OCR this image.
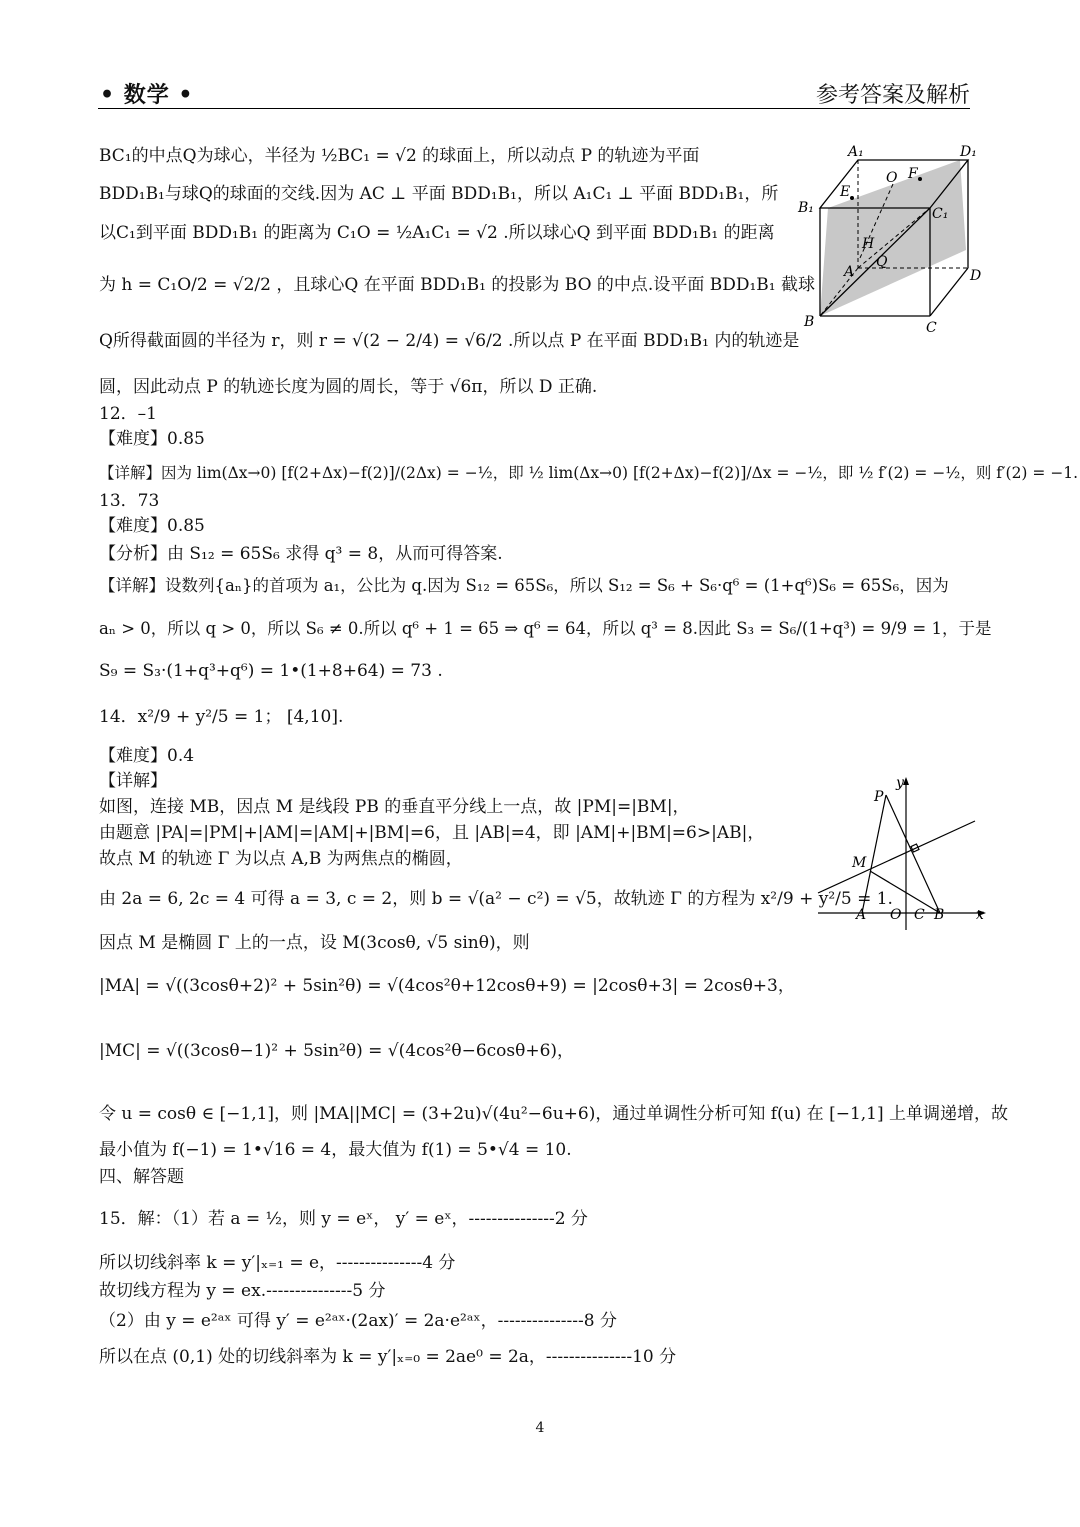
• 数学 •	参考答案及解析
BC₁的中点Q为球心，半径为 ½BC₁ = √2 的球面上，所以动点 P 的轨迹为平面
BDD₁B₁与球Q的球面的交线.因为 AC ⊥ 平面 BDD₁B₁，所以 A₁C₁ ⊥ 平面 BDD₁B₁，所
以C₁到平面 BDD₁B₁ 的距离为 C₁O = ½A₁C₁ = √2 .所以球心Q 到平面 BDD₁B₁ 的距离
为 h = C₁O/2 = √2/2 ，且球心Q 在平面 BDD₁B₁ 的投影为 BO 的中点.设平面 BDD₁B₁ 截球
Q所得截面圆的半径为 r，则 r = √(2 − 2/4) = √6/2 .所以点 P 在平面 BDD₁B₁ 内的轨迹是
圆，因此动点 P 的轨迹长度为圆的周长，等于 √6π，所以 D 正确.
12．–1
【难度】0.85
【详解】因为 lim(Δx→0) [f(2+Δx)−f(2)]/(2Δx) = −½，即 ½ lim(Δx→0) [f(2+Δx)−f(2)]/Δx = −½，即 ½ f′(2) = −½，则 f′(2) = −1.
13．73
【难度】0.85
【分析】由 S₁₂ = 65S₆ 求得 q³ = 8，从而可得答案.
【详解】设数列{aₙ}的首项为 a₁，公比为 q.因为 S₁₂ = 65S₆，所以 S₁₂ = S₆ + S₆·q⁶ = (1+q⁶)S₆ = 65S₆，因为
aₙ > 0，所以 q > 0，所以 S₆ ≠ 0.所以 q⁶ + 1 = 65 ⇒ q⁶ = 64，所以 q³ = 8.因此 S₃ = S₆/(1+q³) = 9/9 = 1，于是
S₉ = S₃·(1+q³+q⁶) = 1•(1+8+64) = 73 .
14．x²/9 + y²/5 = 1； [4,10].
【难度】0.4
【详解】
如图，连接 MB，因点 M 是线段 PB 的垂直平分线上一点，故 |PM|=|BM|，
由题意 |PA|=|PM|+|AM|=|AM|+|BM|=6，且 |AB|=4，即 |AM|+|BM|=6>|AB|，
故点 M 的轨迹 Γ 为以点 A,B 为两焦点的椭圆，
由 2a = 6, 2c = 4 可得 a = 3, c = 2，则 b = √(a² − c²) = √5，故轨迹 Γ 的方程为 x²/9 + y²/5 = 1.
因点 M 是椭圆 Γ 上的一点，设 M(3cosθ, √5 sinθ)，则
|MA| = √((3cosθ+2)² + 5sin²θ) = √(4cos²θ+12cosθ+9) = |2cosθ+3| = 2cosθ+3，
|MC| = √((3cosθ−1)² + 5sin²θ) = √(4cos²θ−6cosθ+6)，
令 u = cosθ ∈ [−1,1]，则 |MA||MC| = (3+2u)√(4u²−6u+6)，通过单调性分析可知 f(u) 在 [−1,1] 上单调递增，故
最小值为 f(−1) = 1•√16 = 4，最大值为 f(1) = 5•√4 = 10.
四、解答题
15．解：（1）若 a = ½，则 y = eˣ， y′ = eˣ，---------------2 分
所以切线斜率 k = y′|ₓ₌₁ = e，---------------4 分
故切线方程为 y = ex.---------------5 分
（2）由 y = e²ᵃˣ 可得 y′ = e²ᵃˣ·(2ax)′ = 2a·e²ᵃˣ，---------------8 分
所以在点 (0,1) 处的切线斜率为 k = y′|ₓ₌₀ = 2ae⁰ = 2a，---------------10 分
A₁	D₁
B₁	C₁
E
O F
H
A
Q
D
B	C
P
y
M
A O C B x
4
